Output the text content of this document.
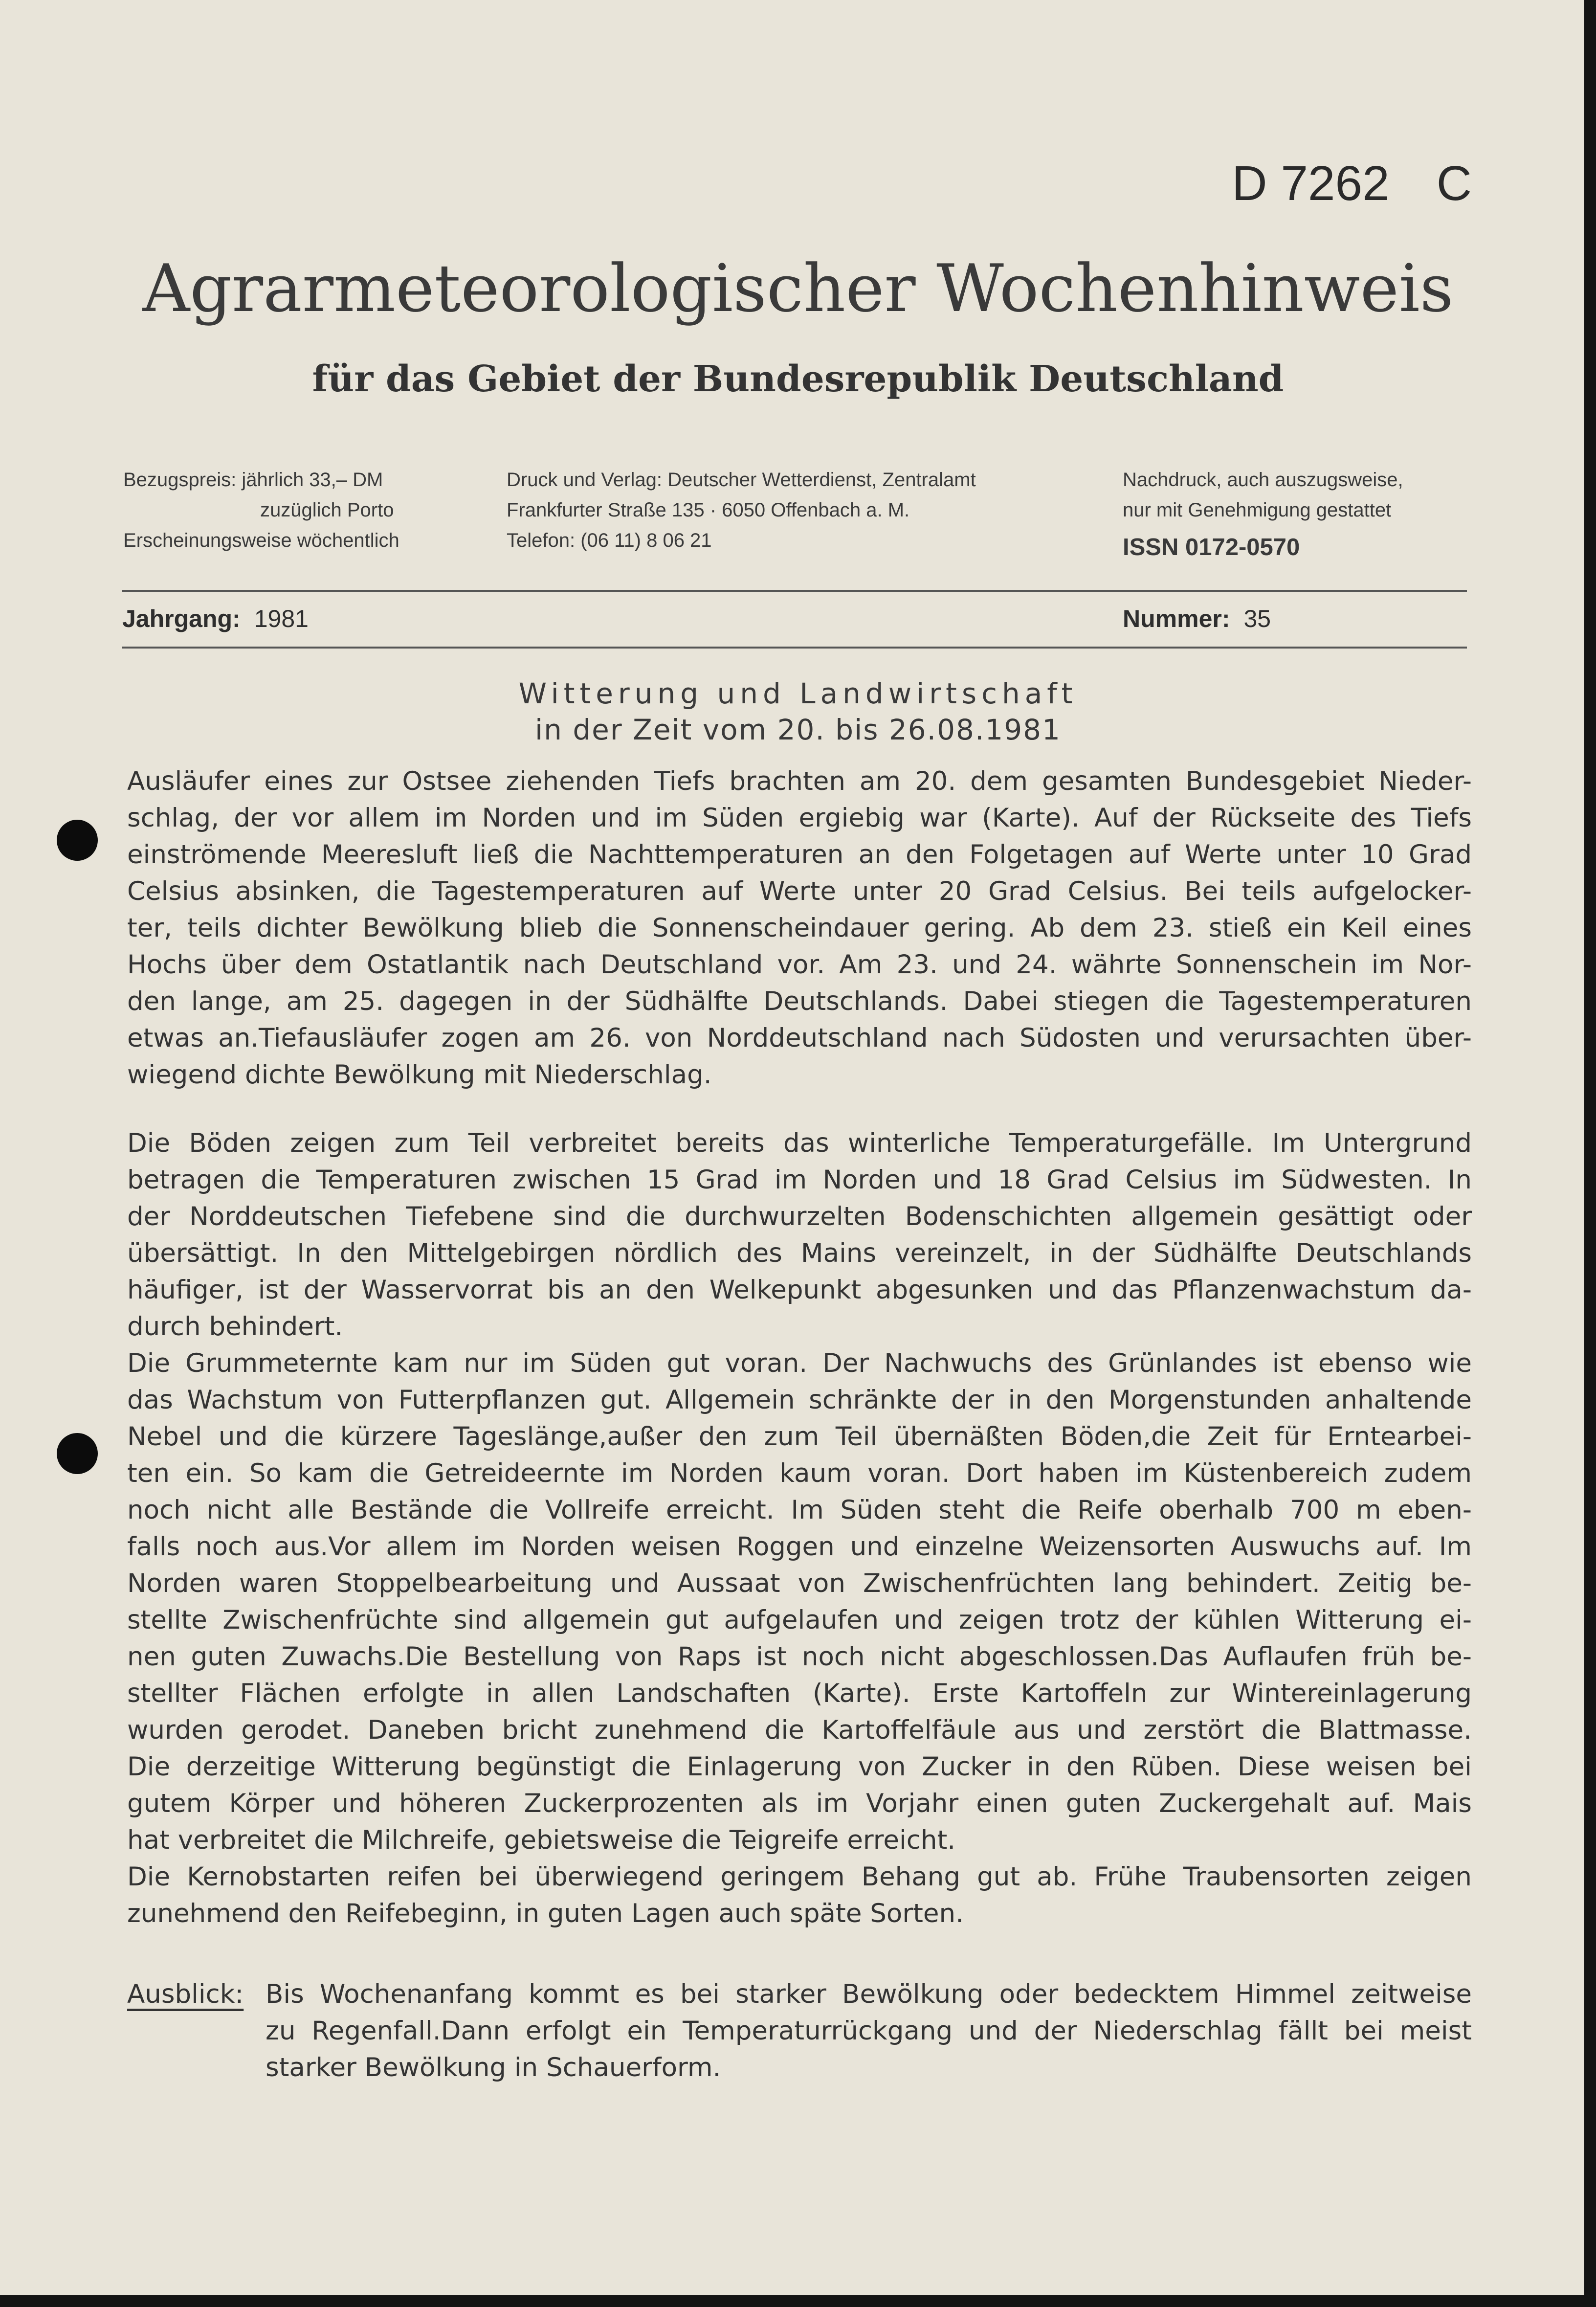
D 7262 C
Agrarmeteorologischer Wochenhinweis
für das Gebiet der Bundesrepublik Deutschland
Bezugspreis: jährlich 33,– DM
zuzüglich Porto
Erscheinungsweise wöchentlich
Druck und Verlag: Deutscher Wetterdienst, Zentralamt
Frankfurter Straße 135 · 6050 Offenbach a. M.
Telefon: (06 11) 8 06 21
Nachdruck, auch auszugsweise,
nur mit Genehmigung gestattet
ISSN 0172-0570
Jahrgang: 1981	Nummer: 35
Witterung und Landwirtschaft
in der Zeit vom 20. bis 26.08.1981
Ausläufer eines zur Ostsee ziehenden Tiefs brachten am 20. dem gesamten Bundesgebiet Nieder-
schlag, der vor allem im Norden und im Süden ergiebig war (Karte). Auf der Rückseite des Tiefs
einströmende Meeresluft ließ die Nachttemperaturen an den Folgetagen auf Werte unter 10 Grad
Celsius absinken, die Tagestemperaturen auf Werte unter 20 Grad Celsius. Bei teils aufgelocker-
ter, teils dichter Bewölkung blieb die Sonnenscheindauer gering. Ab dem 23. stieß ein Keil eines
Hochs über dem Ostatlantik nach Deutschland vor. Am 23. und 24. währte Sonnenschein im Nor-
den lange, am 25. dagegen in der Südhälfte Deutschlands. Dabei stiegen die Tagestemperaturen
etwas an.Tiefausläufer zogen am 26. von Norddeutschland nach Südosten und verursachten über-
wiegend dichte Bewölkung mit Niederschlag.
Die Böden zeigen zum Teil verbreitet bereits das winterliche Temperaturgefälle. Im Untergrund
betragen die Temperaturen zwischen 15 Grad im Norden und 18 Grad Celsius im Südwesten. In
der Norddeutschen Tiefebene sind die durchwurzelten Bodenschichten allgemein gesättigt oder
übersättigt. In den Mittelgebirgen nördlich des Mains vereinzelt, in der Südhälfte Deutschlands
häufiger, ist der Wasservorrat bis an den Welkepunkt abgesunken und das Pflanzenwachstum da-
durch behindert.
Die Grummeternte kam nur im Süden gut voran. Der Nachwuchs des Grünlandes ist ebenso wie
das Wachstum von Futterpflanzen gut. Allgemein schränkte der in den Morgenstunden anhaltende
Nebel und die kürzere Tageslänge,außer den zum Teil übernäßten Böden,die Zeit für Erntearbei-
ten ein. So kam die Getreideernte im Norden kaum voran. Dort haben im Küstenbereich zudem
noch nicht alle Bestände die Vollreife erreicht. Im Süden steht die Reife oberhalb 700 m eben-
falls noch aus.Vor allem im Norden weisen Roggen und einzelne Weizensorten Auswuchs auf. Im
Norden waren Stoppelbearbeitung und Aussaat von Zwischenfrüchten lang behindert. Zeitig be-
stellte Zwischenfrüchte sind allgemein gut aufgelaufen und zeigen trotz der kühlen Witterung ei-
nen guten Zuwachs.Die Bestellung von Raps ist noch nicht abgeschlossen.Das Auflaufen früh be-
stellter Flächen erfolgte in allen Landschaften (Karte). Erste Kartoffeln zur Wintereinlagerung
wurden gerodet. Daneben bricht zunehmend die Kartoffelfäule aus und zerstört die Blattmasse.
Die derzeitige Witterung begünstigt die Einlagerung von Zucker in den Rüben. Diese weisen bei
gutem Körper und höheren Zuckerprozenten als im Vorjahr einen guten Zuckergehalt auf. Mais
hat verbreitet die Milchreife, gebietsweise die Teigreife erreicht.
Die Kernobstarten reifen bei überwiegend geringem Behang gut ab. Frühe Traubensorten zeigen
zunehmend den Reifebeginn, in guten Lagen auch späte Sorten.
Ausblick: Bis Wochenanfang kommt es bei starker Bewölkung oder bedecktem Himmel zeitweise
zu Regenfall.Dann erfolgt ein Temperaturrückgang und der Niederschlag fällt bei meist
starker Bewölkung in Schauerform.
